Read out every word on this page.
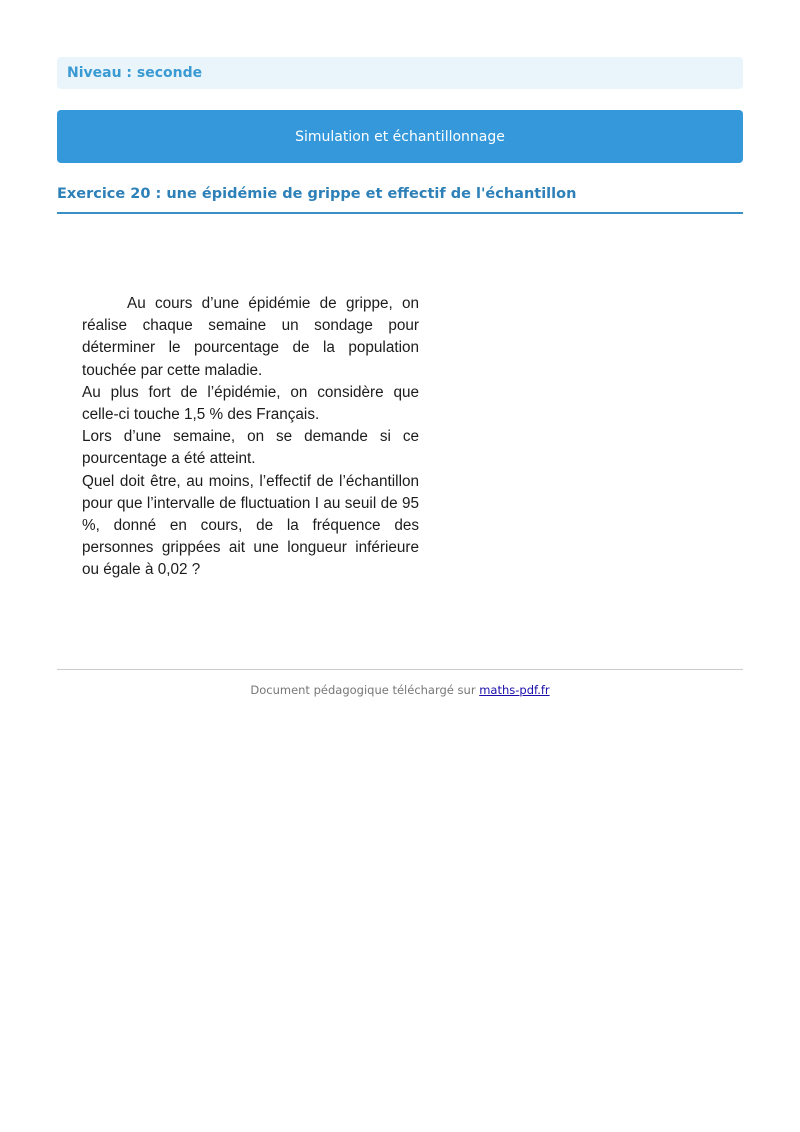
Niveau : seconde
Simulation et échantillonnage
Exercice 20 : une épidémie de grippe et effectif de l'échantillon

Au cours d’une épidémie de grippe, on réalise chaque semaine un sondage pour déterminer le pourcentage de la population touchée par cette maladie.

Au plus fort de l’épidémie, on considère que celle-ci touche 1,5 % des Français.

Lors d’une semaine, on se demande si ce pourcentage a été atteint.

Quel doit être, au moins, l’effectif de l’échantillon pour que l’intervalle de fluctuation I au seuil de 95 %, donné en cours, de la fréquence des personnes grippées ait une longueur inférieure ou égale à 0,02 ?

Document pédagogique téléchargé sur maths-pdf.fr
